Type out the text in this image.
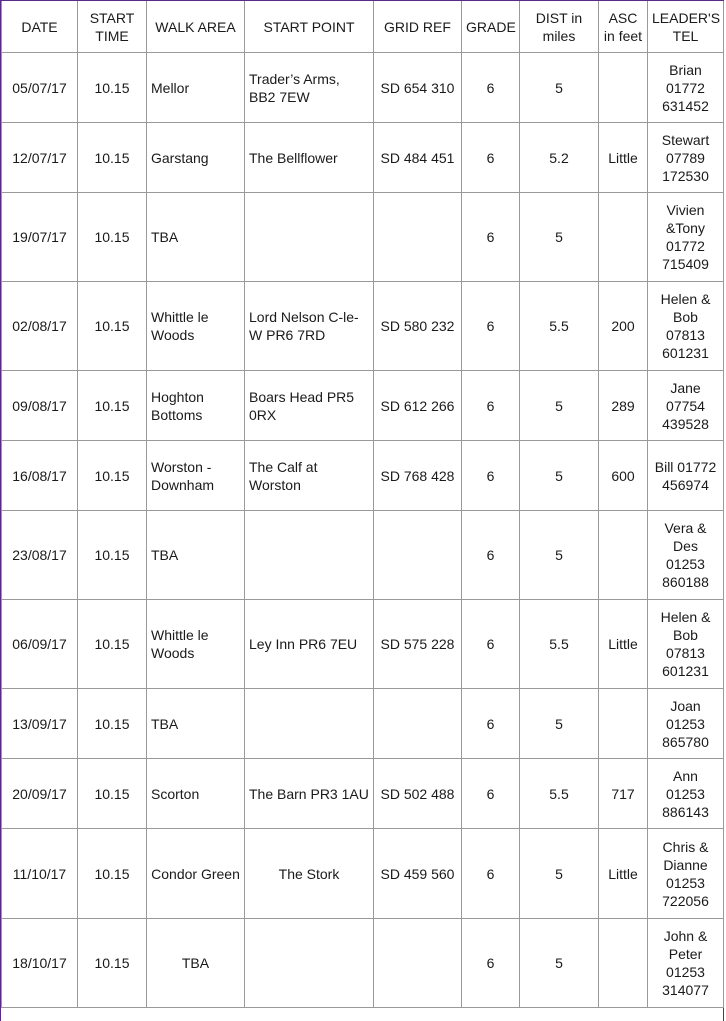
DATE	START TIME	WALK AREA	START POINT	GRID REF	GRADE	DIST in miles	ASC in feet	LEADER'S TEL
05/07/17	10.15	Mellor	Trader’s Arms, BB2 7EW	SD 654 310	6	5		Brian 01772 631452
12/07/17	10.15	Garstang	The Bellflower	SD 484 451	6	5.2	Little	Stewart 07789 172530
19/07/17	10.15	TBA			6	5		Vivien &Tony 01772 715409
02/08/17	10.15	Whittle le Woods	Lord Nelson C-le-W PR6 7RD	SD 580 232	6	5.5	200	Helen & Bob 07813 601231
09/08/17	10.15	Hoghton Bottoms	Boars Head PR5 0RX	SD 612 266	6	5	289	Jane 07754 439528
16/08/17	10.15	Worston - Downham	The Calf at Worston	SD 768 428	6	5	600	Bill 01772 456974
23/08/17	10.15	TBA			6	5		Vera & Des 01253 860188
06/09/17	10.15	Whittle le Woods	Ley Inn PR6 7EU	SD 575 228	6	5.5	Little	Helen & Bob 07813 601231
13/09/17	10.15	TBA			6	5		Joan 01253 865780
20/09/17	10.15	Scorton	The Barn PR3 1AU	SD 502 488	6	5.5	717	Ann 01253 886143
11/10/17	10.15	Condor Green	The Stork	SD 459 560	6	5	Little	Chris & Dianne 01253 722056
18/10/17	10.15	TBA			6	5		John & Peter 01253 314077
